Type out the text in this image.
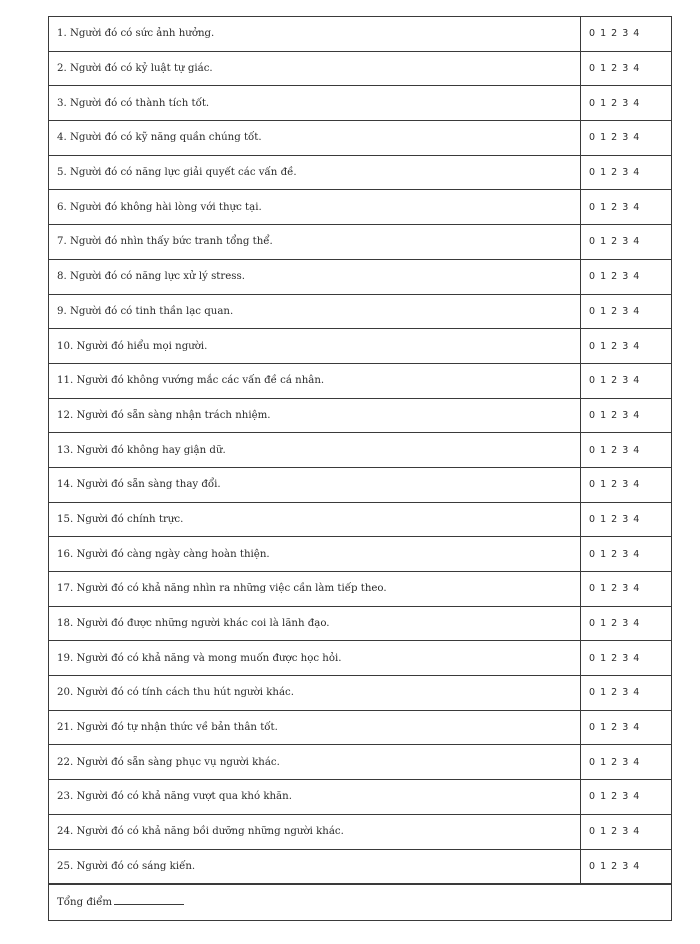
1. Người đó có sức ảnh hưởng.	0 1 2 3 4
2. Người đó có kỷ luật tự giác.	0 1 2 3 4
3. Người đó có thành tích tốt.	0 1 2 3 4
4. Người đó có kỹ năng quần chúng tốt.	0 1 2 3 4
5. Người đó có năng lực giải quyết các vấn đề.	0 1 2 3 4
6. Người đó không hài lòng với thực tại.	0 1 2 3 4
7. Người đó nhìn thấy bức tranh tổng thể.	0 1 2 3 4
8. Người đó có năng lực xử lý stress.	0 1 2 3 4
9. Người đó có tinh thần lạc quan.	0 1 2 3 4
10. Người đó hiểu mọi người.	0 1 2 3 4
11. Người đó không vướng mắc các vấn đề cá nhân.	0 1 2 3 4
12. Người đó sẵn sàng nhận trách nhiệm.	0 1 2 3 4
13. Người đó không hay giận dữ.	0 1 2 3 4
14. Người đó sẵn sàng thay đổi.	0 1 2 3 4
15. Người đó chính trực.	0 1 2 3 4
16. Người đó càng ngày càng hoàn thiện.	0 1 2 3 4
17. Người đó có khả năng nhìn ra những việc cần làm tiếp theo.	0 1 2 3 4
18. Người đó được những người khác coi là lãnh đạo.	0 1 2 3 4
19. Người đó có khả năng và mong muốn được học hỏi.	0 1 2 3 4
20. Người đó có tính cách thu hút người khác.	0 1 2 3 4
21. Người đó tự nhận thức về bản thân tốt.	0 1 2 3 4
22. Người đó sẵn sàng phục vụ người khác.	0 1 2 3 4
23. Người đó có khả năng vượt qua khó khăn.	0 1 2 3 4
24. Người đó có khả năng bồi dưỡng những người khác.	0 1 2 3 4
25. Người đó có sáng kiến.	0 1 2 3 4
Tổng điểm
